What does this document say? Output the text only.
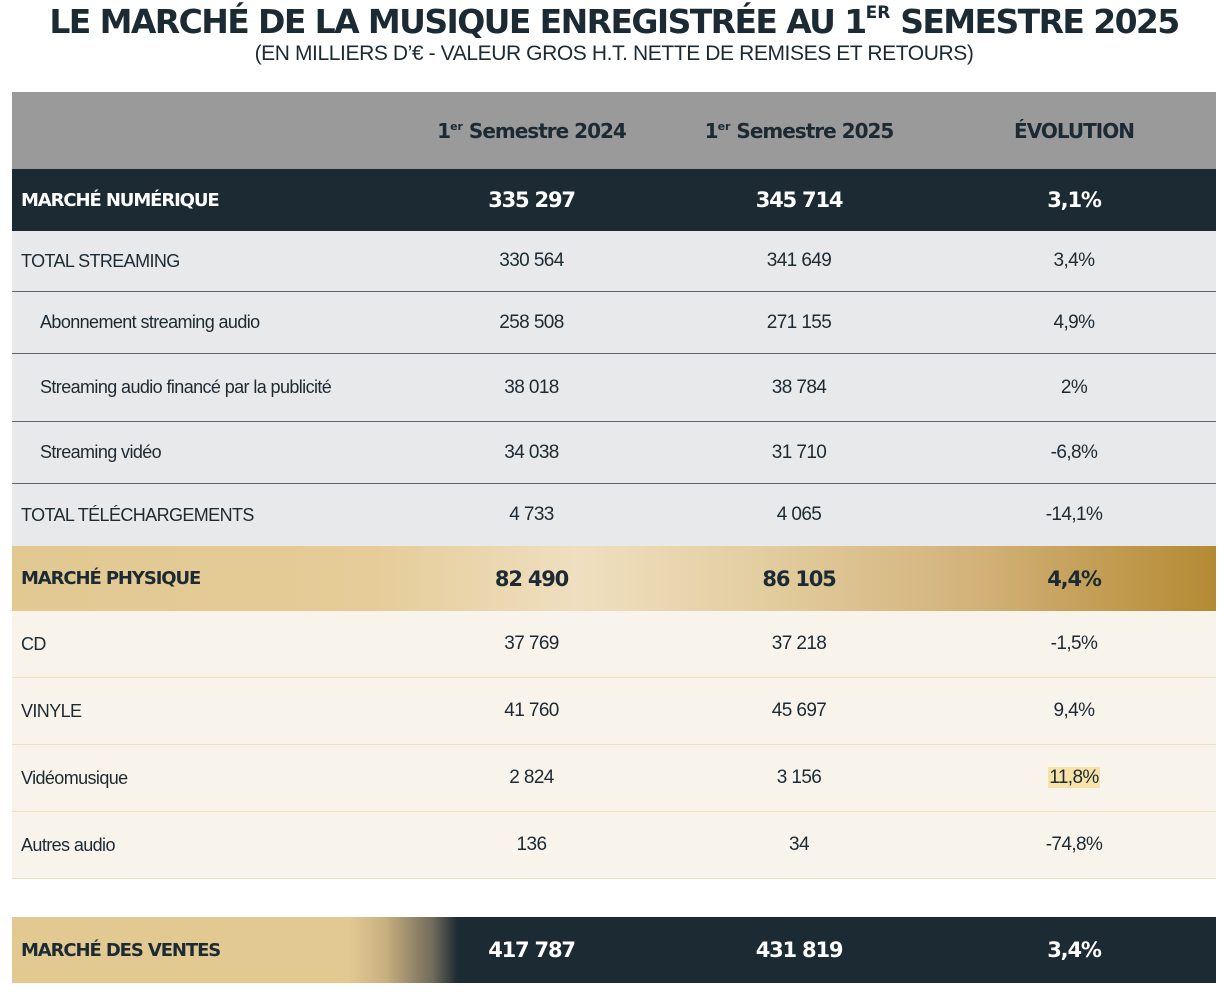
LE MARCHÉ DE LA MUSIQUE ENREGISTRÉE AU 1ER SEMESTRE 2025
(EN MILLIERS D’€ - VALEUR GROS H.T. NETTE DE REMISES ET RETOURS)
1er Semestre 2024	1er Semestre 2025	ÉVOLUTION
MARCHÉ NUMÉRIQUE	335 297	345 714	3,1%
TOTAL STREAMING	330 564	341 649	3,4%
Abonnement streaming audio	258 508	271 155	4,9%
Streaming audio financé par la publicité	38 018	38 784	2%
Streaming vidéo	34 038	31 710	-6,8%
TOTAL TÉLÉCHARGEMENTS	4 733	4 065	-14,1%
MARCHÉ PHYSIQUE	82 490	86 105	4,4%
CD	37 769	37 218	-1,5%
VINYLE	41 760	45 697	9,4%
Vidéomusique	2 824	3 156	11,8%
Autres audio	136	34	-74,8%
MARCHÉ DES VENTES	417 787	431 819	3,4%
